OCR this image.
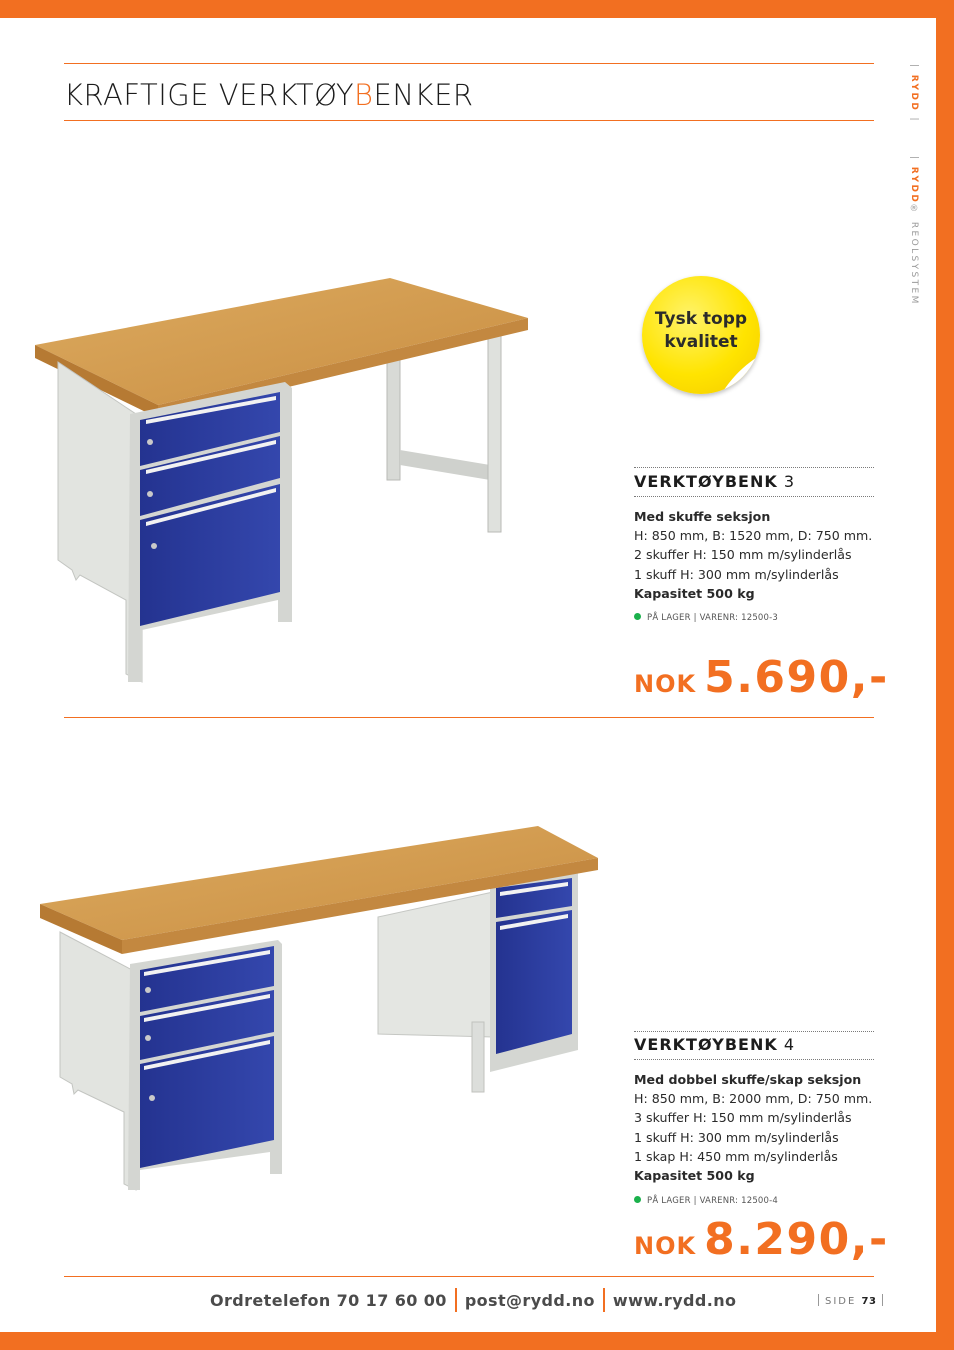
KRAFTIGE VERKTØYBENKER
| RYDD |
| RYDD® REOLSYSTEM
Tysk topp
kvalitet
VERKTØYBENK 3
Med skuffe seksjon
H: 850 mm, B: 1520 mm, D: 750 mm.
2 skuffer H: 150 mm m/sylinderlås
1 skuff H: 300 mm m/sylinderlås
Kapasitet 500 kg
PÅ LAGER | VARENR: 12500-3
NOK 5.690,-
VERKTØYBENK 4
Med dobbel skuffe/skap seksjon
H: 850 mm, B: 2000 mm, D: 750 mm.
3 skuffer H: 150 mm m/sylinderlås
1 skuff H: 300 mm m/sylinderlås
1 skap H: 450 mm m/sylinderlås
Kapasitet 500 kg
PÅ LAGER | VARENR: 12500-4
NOK 8.290,-
Ordretelefon 70 17 60 00 post@rydd.no www.rydd.no	SIDE 73
